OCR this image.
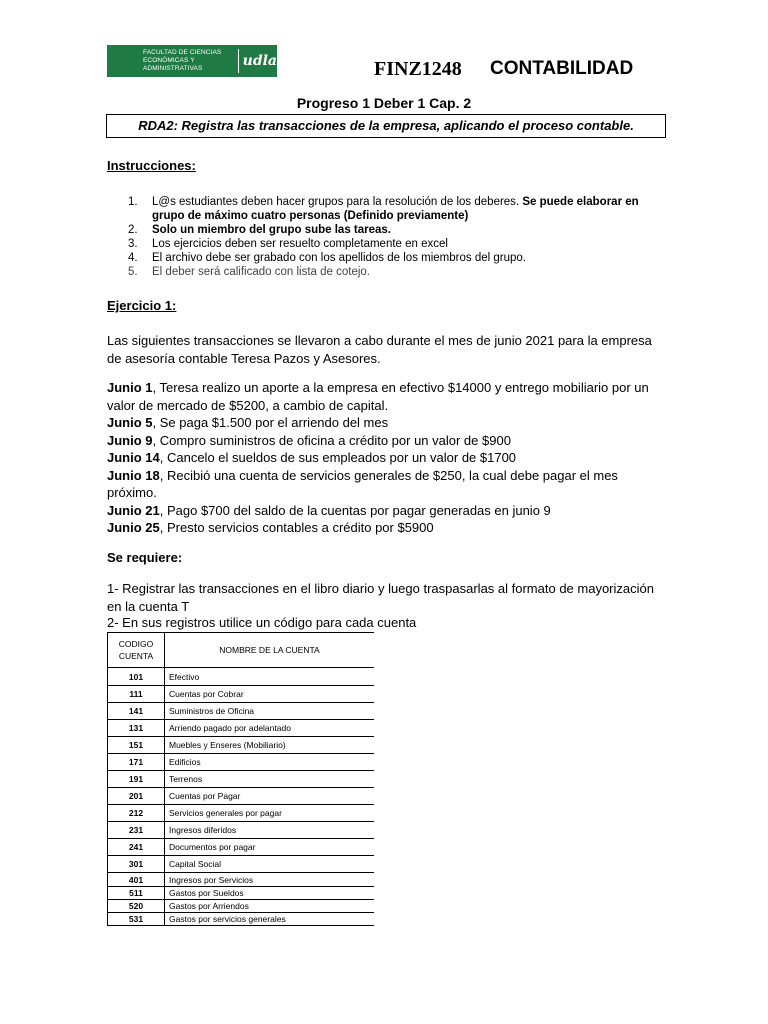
FACULTAD DE CIENCIAS ECONÓMICAS Y ADMINISTRATIVAS	udla	FINZ1248 CONTABILIDAD
Progreso 1 Deber 1 Cap. 2
RDA2: Registra las transacciones de la empresa, aplicando el proceso contable.
Instrucciones:
1.	L@s estudiantes deben hacer grupos para la resolución de los deberes. Se puede elaborar en grupo de máximo cuatro personas (Definido previamente)
2.	Solo un miembro del grupo sube las tareas.
3.	Los ejercicios deben ser resuelto completamente en excel
4.	El archivo debe ser grabado con los apellidos de los miembros del grupo.
5.	El deber será calificado con lista de cotejo.
Ejercicio 1:
Las siguientes transacciones se llevaron a cabo durante el mes de junio 2021 para la empresa de asesoría contable Teresa Pazos y Asesores.
Junio 1, Teresa realizo un aporte a la empresa en efectivo $14000 y entrego mobiliario por un valor de mercado de $5200, a cambio de capital.
Junio 5, Se paga $1.500 por el arriendo del mes
Junio 9, Compro suministros de oficina a crédito por un valor de $900
Junio 14, Cancelo el sueldos de sus empleados por un valor de $1700
Junio 18, Recibió una cuenta de servicios generales de $250, la cual debe pagar el mes próximo.
Junio 21, Pago $700 del saldo de la cuentas por pagar generadas en junio 9
Junio 25, Presto servicios contables a crédito por $5900
Se requiere:
1- Registrar las transacciones en el libro diario y luego traspasarlas al formato de mayorización en la cuenta T
2- En sus registros utilice un código para cada cuenta
CODIGO CUENTA	NOMBRE DE LA CUENTA
101	Efectivo
111	Cuentas por Cobrar
141	Suministros de Oficina
131	Arriendo pagado por adelantado
151	Muebles y Enseres (Mobiliario)
171	Edificios
191	Terrenos
201	Cuentas por Pagar
212	Servicios generales por pagar
231	Ingresos diferidos
241	Documentos por pagar
301	Capital Social
401	Ingresos por Servicios
511	Gastos por Sueldos
520	Gastos por Arriendos
531	Gastos por servicios generales
